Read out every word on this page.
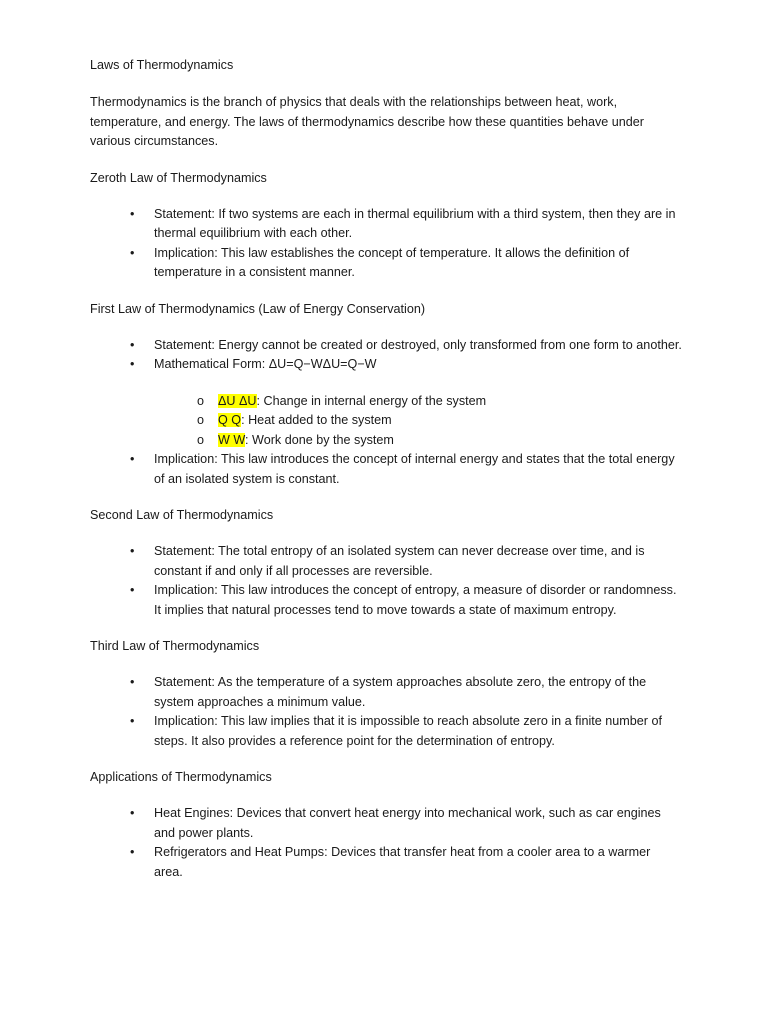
Laws of Thermodynamics

Thermodynamics is the branch of physics that deals with the relationships between heat, work, temperature, and energy. The laws of thermodynamics describe how these quantities behave under various circumstances.

Zeroth Law of Thermodynamics

• Statement: If two systems are each in thermal equilibrium with a third system, then they are in thermal equilibrium with each other.
• Implication: This law establishes the concept of temperature. It allows the definition of temperature in a consistent manner.

First Law of Thermodynamics (Law of Energy Conservation)

• Statement: Energy cannot be created or destroyed, only transformed from one form to another.
• Mathematical Form: ΔU=Q−WΔU=Q−W
o ΔU ΔU: Change in internal energy of the system
o Q Q: Heat added to the system
o W W: Work done by the system
• Implication: This law introduces the concept of internal energy and states that the total energy of an isolated system is constant.

Second Law of Thermodynamics

• Statement: The total entropy of an isolated system can never decrease over time, and is constant if and only if all processes are reversible.
• Implication: This law introduces the concept of entropy, a measure of disorder or randomness. It implies that natural processes tend to move towards a state of maximum entropy.

Third Law of Thermodynamics

• Statement: As the temperature of a system approaches absolute zero, the entropy of the system approaches a minimum value.
• Implication: This law implies that it is impossible to reach absolute zero in a finite number of steps. It also provides a reference point for the determination of entropy.

Applications of Thermodynamics

• Heat Engines: Devices that convert heat energy into mechanical work, such as car engines and power plants.
• Refrigerators and Heat Pumps: Devices that transfer heat from a cooler area to a warmer area.
